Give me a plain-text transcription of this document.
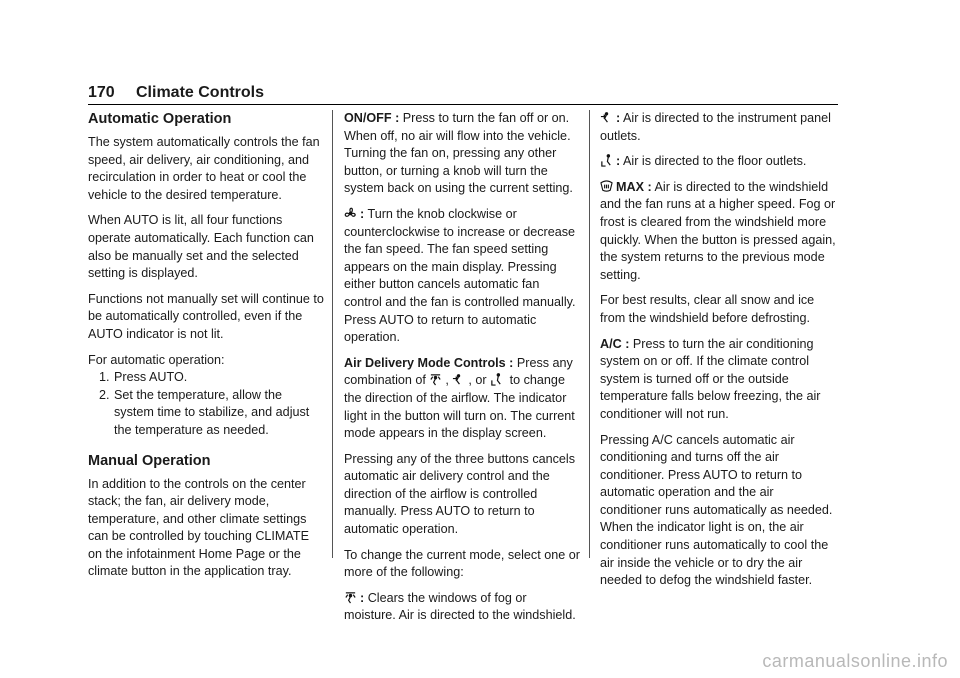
170 Climate Controls
Automatic Operation

The system automatically controls the fan speed, air delivery, air conditioning, and recirculation in order to heat or cool the vehicle to the desired temperature.

When AUTO is lit, all four functions operate automatically. Each function can also be manually set and the selected setting is displayed.

Functions not manually set will continue to be automatically controlled, even if the AUTO indicator is not lit.

For automatic operation:

1. Press AUTO.
2. Set the temperature, allow the system time to stabilize, and adjust the temperature as needed.
Manual Operation

In addition to the controls on the center stack; the fan, air delivery mode, temperature, and other climate settings can be controlled by touching CLIMATE on the infotainment Home Page or the climate button in the application tray.

ON/OFF : Press to turn the fan off or on. When off, no air will flow into the vehicle. Turning the fan on, pressing any other button, or turning a knob will turn the system back on using the current setting.

: Turn the knob clockwise or counterclockwise to increase or decrease the fan speed. The fan speed setting appears on the main display. Pressing either button cancels automatic fan control and the fan is controlled manually. Press AUTO to return to automatic operation.

Air Delivery Mode Controls : Press any combination of , , or
to change the direction of the airflow. The indicator light in the button will turn on. The current mode appears in the display screen.

Pressing any of the three buttons cancels automatic air delivery control and the direction of the airflow is controlled manually. Press AUTO to return to automatic operation.

To change the current mode, select one or more of the following:

: Clears the windows of fog or moisture. Air is directed to the windshield.

: Air is directed to the instrument panel outlets.

: Air is directed to the floor outlets.

MAX : Air is directed to the windshield and the fan runs at a higher speed. Fog or frost is cleared from the windshield more quickly. When the button is pressed again, the system returns to the previous mode setting.

For best results, clear all snow and ice from the windshield before defrosting.

A/C : Press to turn the air conditioning system on or off. If the climate control system is turned off or the outside temperature falls below freezing, the air conditioner will not run.

Pressing A/C cancels automatic air conditioning and turns off the air conditioner. Press AUTO to return to automatic operation and the air conditioner runs automatically as needed. When the indicator light is on, the air conditioner runs automatically to cool the air inside the vehicle or to dry the air needed to defog the windshield faster.

carmanualsonline.info
